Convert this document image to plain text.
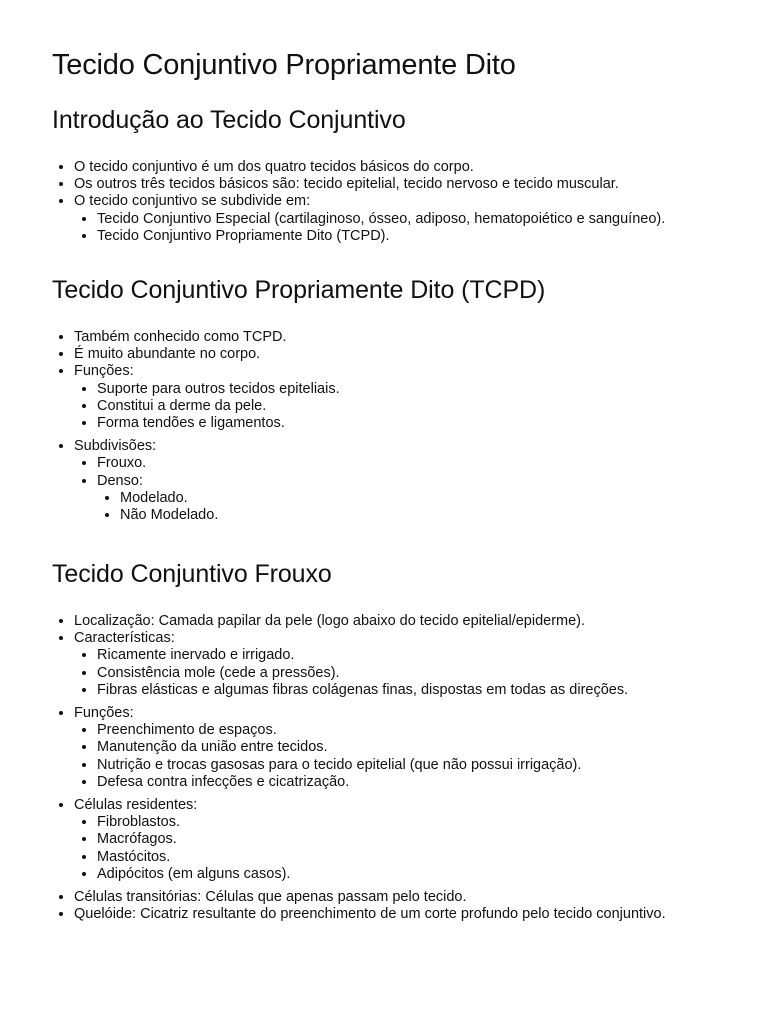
Tecido Conjuntivo Propriamente Dito
Introdução ao Tecido Conjuntivo
• O tecido conjuntivo é um dos quatro tecidos básicos do corpo.
• Os outros três tecidos básicos são: tecido epitelial, tecido nervoso e tecido muscular.
• O tecido conjuntivo se subdivide em:
• Tecido Conjuntivo Especial (cartilaginoso, ósseo, adiposo, hematopoiético e sanguíneo).
• Tecido Conjuntivo Propriamente Dito (TCPD).
Tecido Conjuntivo Propriamente Dito (TCPD)
• Também conhecido como TCPD.
• É muito abundante no corpo.
• Funções:
• Suporte para outros tecidos epiteliais.
• Constitui a derme da pele.
• Forma tendões e ligamentos.
• Subdivisões:
• Frouxo.
• Denso:
• Modelado.
• Não Modelado.
Tecido Conjuntivo Frouxo
• Localização: Camada papilar da pele (logo abaixo do tecido epitelial/epiderme).
• Características:
• Ricamente inervado e irrigado.
• Consistência mole (cede a pressões).
• Fibras elásticas e algumas fibras colágenas finas, dispostas em todas as direções.
• Funções:
• Preenchimento de espaços.
• Manutenção da união entre tecidos.
• Nutrição e trocas gasosas para o tecido epitelial (que não possui irrigação).
• Defesa contra infecções e cicatrização.
• Células residentes:
• Fibroblastos.
• Macrófagos.
• Mastócitos.
• Adipócitos (em alguns casos).
• Células transitórias: Células que apenas passam pelo tecido.
• Quelóide: Cicatriz resultante do preenchimento de um corte profundo pelo tecido conjuntivo.
